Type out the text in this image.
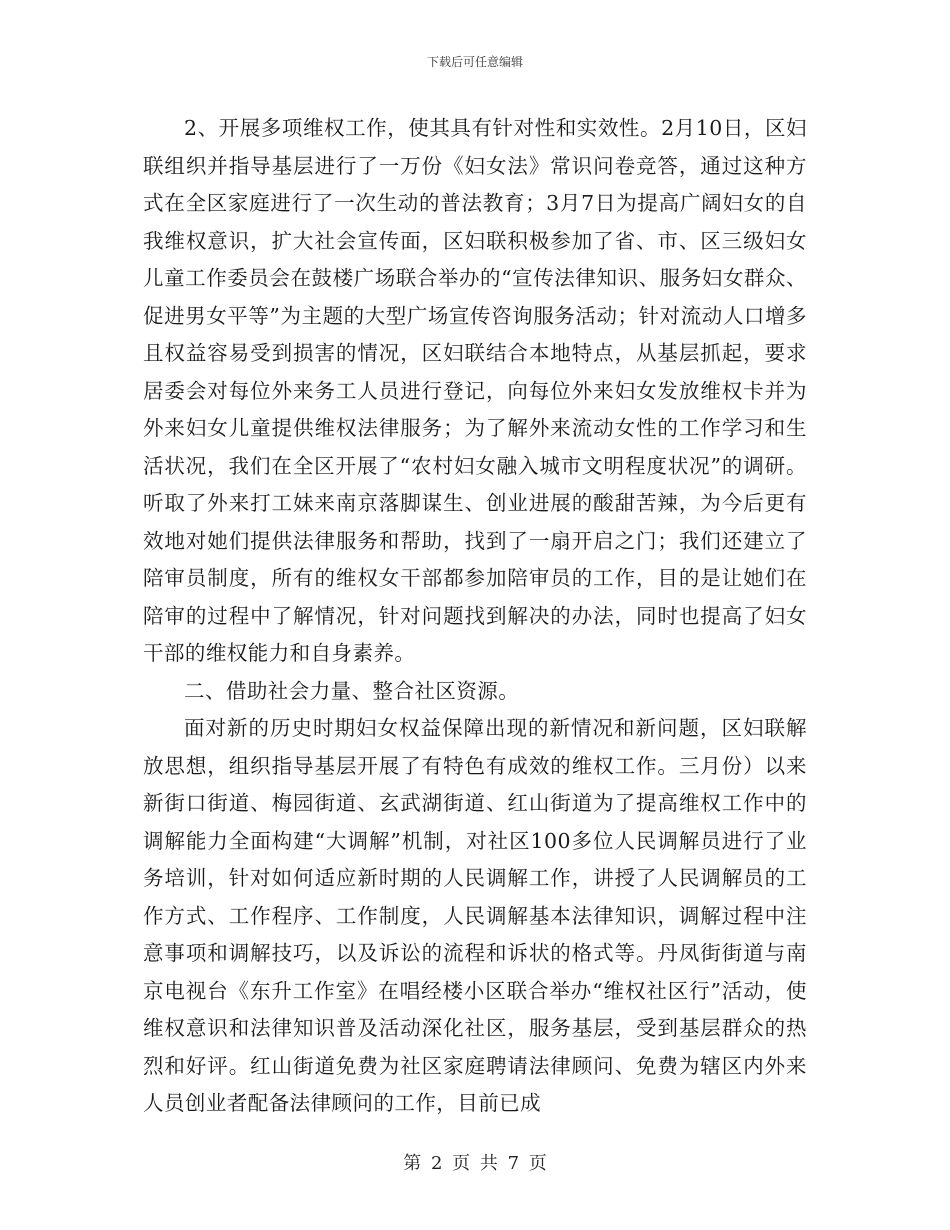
下载后可任意编辑

2、开展多项维权工作，使其具有针对性和实效性。2月10日，区妇联组织并指导基层进行了一万份《妇女法》常识问卷竞答，通过这种方式在全区家庭进行了一次生动的普法教育；3月7日为提高广阔妇女的自我维权意识，扩大社会宣传面，区妇联积极参加了省、市、区三级妇女儿童工作委员会在鼓楼广场联合举办的“宣传法律知识、服务妇女群众、促进男女平等”为主题的大型广场宣传咨询服务活动；针对流动人口增多且权益容易受到损害的情况，区妇联结合本地特点，从基层抓起，要求居委会对每位外来务工人员进行登记，向每位外来妇女发放维权卡并为外来妇女儿童提供维权法律服务；为了解外来流动女性的工作学习和生活状况，我们在全区开展了“农村妇女融入城市文明程度状况”的调研。听取了外来打工妹来南京落脚谋生、创业进展的酸甜苦辣，为今后更有效地对她们提供法律服务和帮助，找到了一扇开启之门；我们还建立了陪审员制度，所有的维权女干部都参加陪审员的工作，目的是让她们在陪审的过程中了解情况，针对问题找到解决的办法，同时也提高了妇女干部的维权能力和自身素养。

二、借助社会力量、整合社区资源。

面对新的历史时期妇女权益保障出现的新情况和新问题，区妇联解放思想，组织指导基层开展了有特色有成效的维权工作。三月份）以来新街口街道、梅园街道、玄武湖街道、红山街道为了提高维权工作中的调解能力全面构建“大调解”机制，对社区100多位人民调解员进行了业务培训，针对如何适应新时期的人民调解工作，讲授了人民调解员的工作方式、工作程序、工作制度，人民调解基本法律知识，调解过程中注意事项和调解技巧，以及诉讼的流程和诉状的格式等。丹凤街街道与南京电视台《东升工作室》在唱经楼小区联合举办“维权社区行”活动，使维权意识和法律知识普及活动深化社区，服务基层，受到基层群众的热烈和好评。红山街道免费为社区家庭聘请法律顾问、免费为辖区内外来人员创业者配备法律顾问的工作，目前已成

第 2 页 共 7 页
